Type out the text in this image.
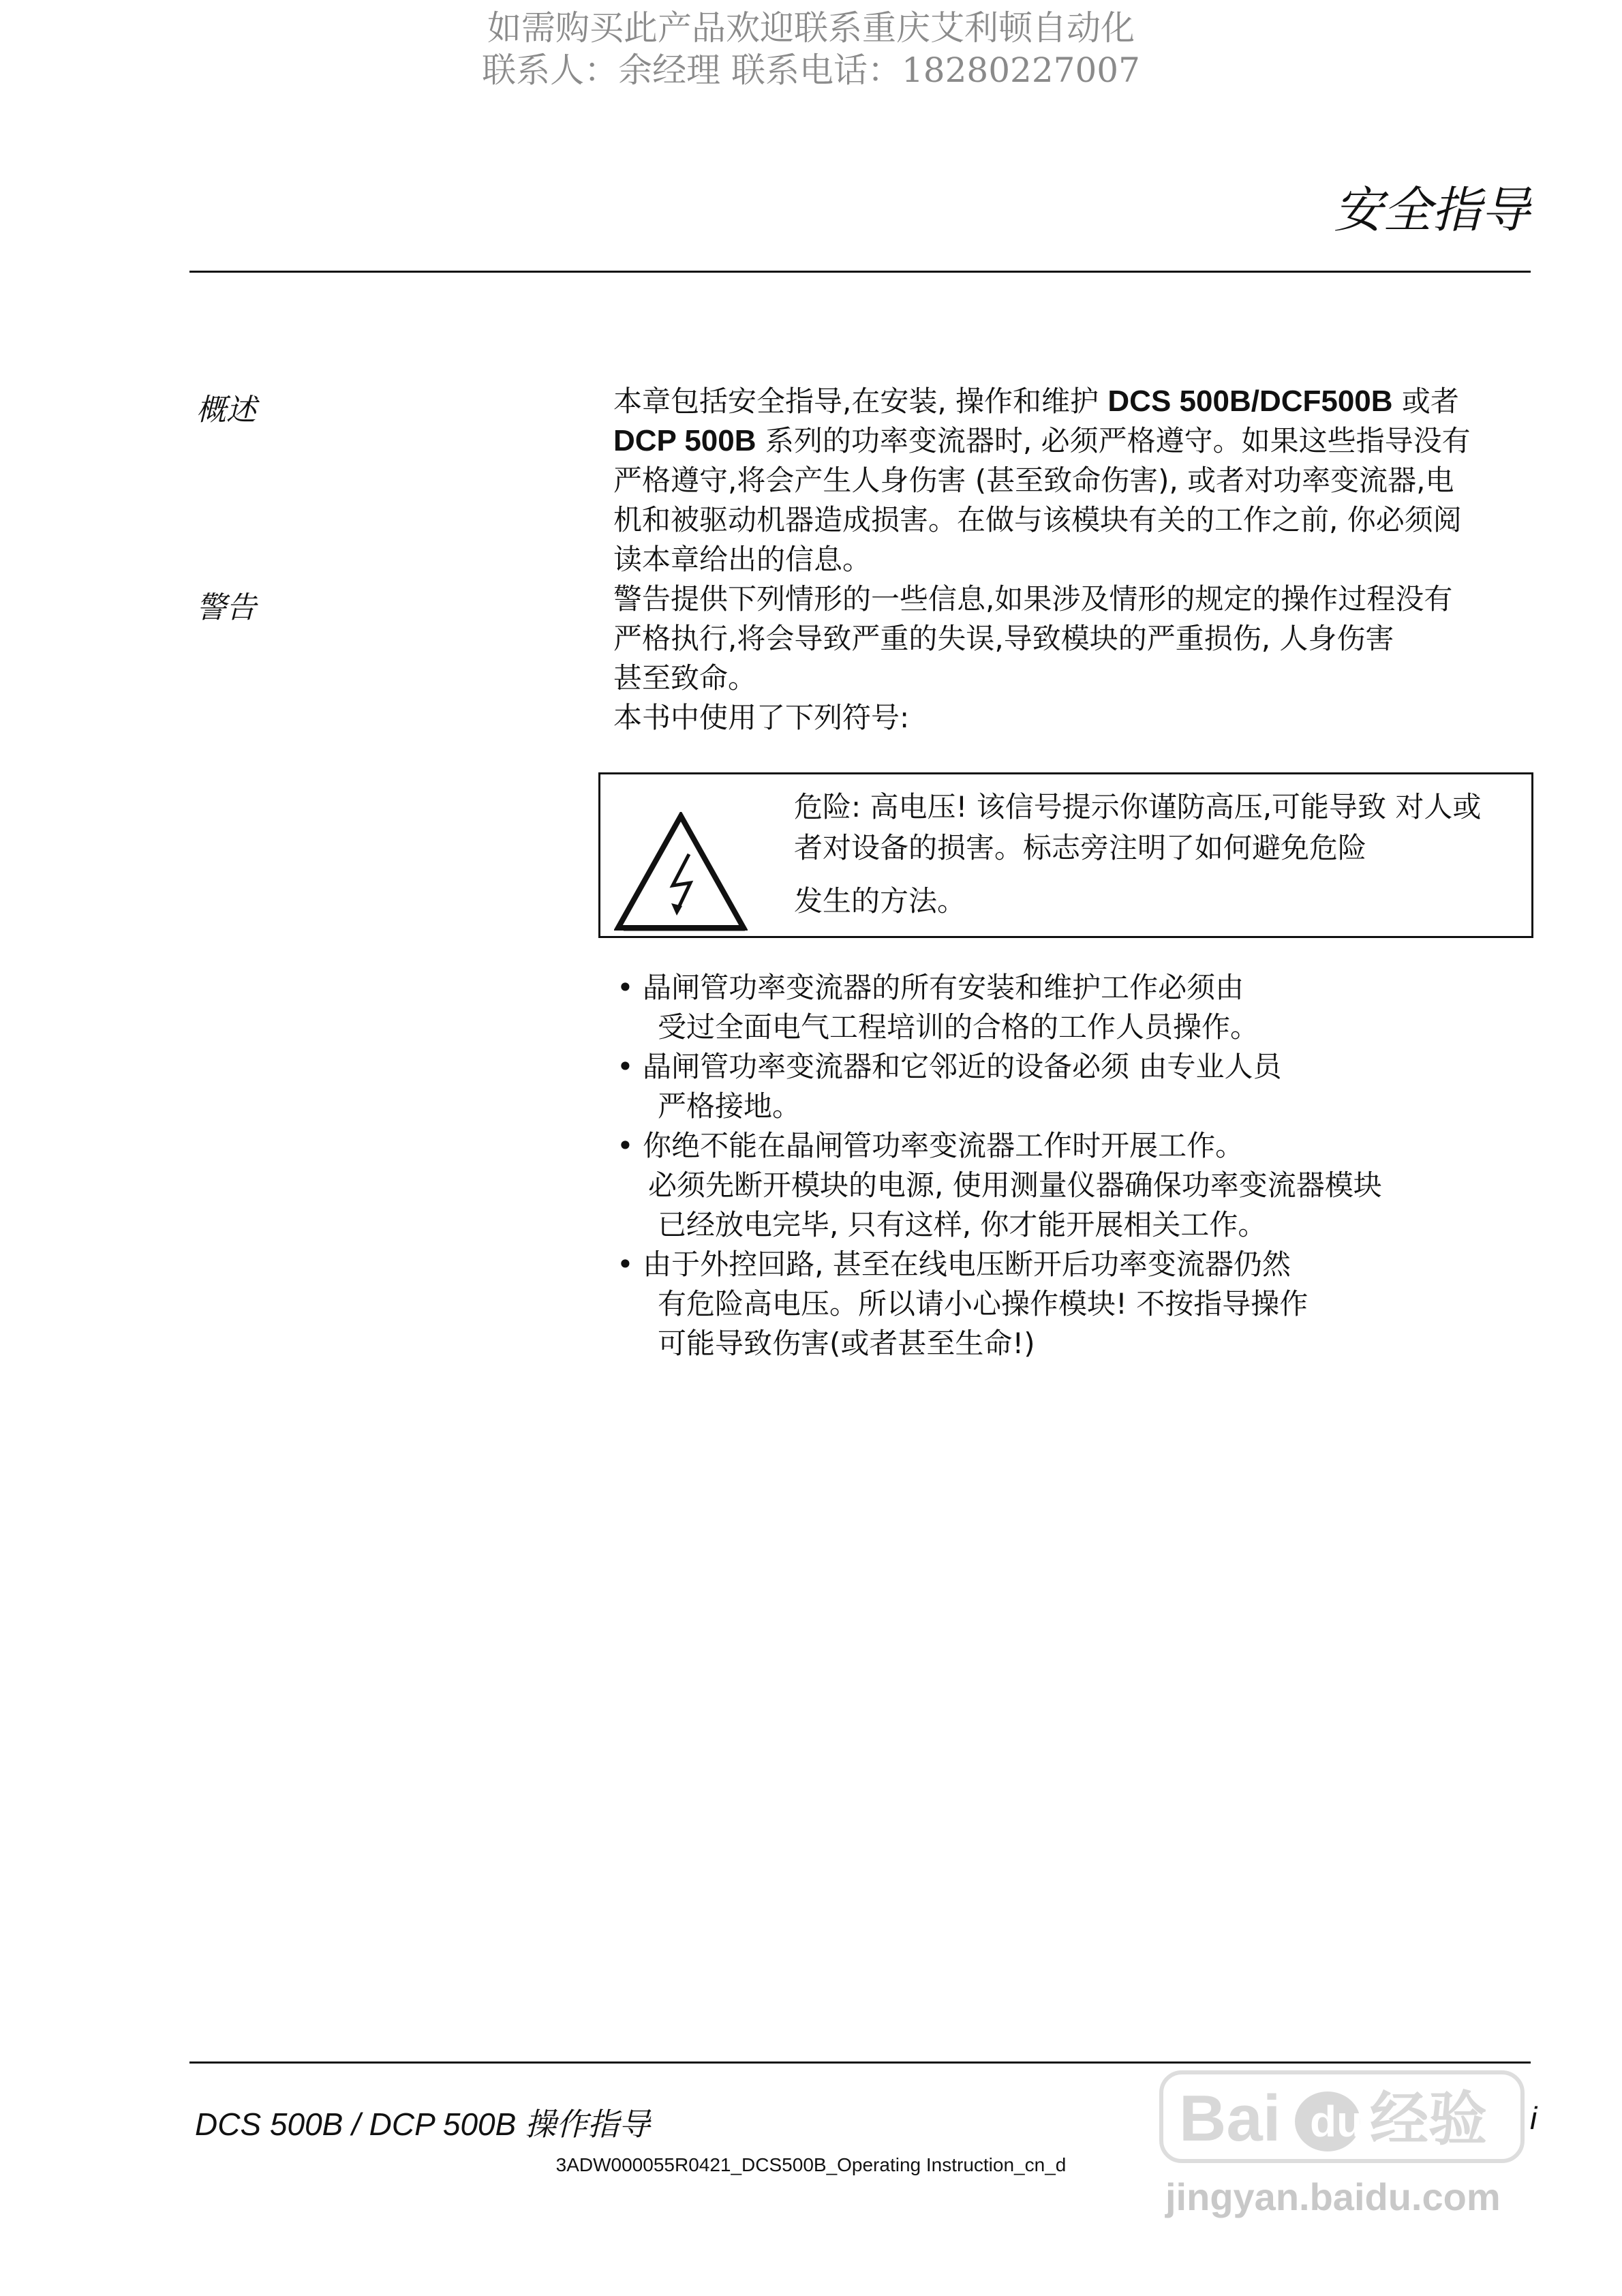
如需购买此产品欢迎联系重庆艾利顿自动化
联系人：余经理 联系电话：18280227007
安全指导
概述	本章包括安全指导,在安装, 操作和维护 DCS 500B/DCF500B 或者
DCP 500B 系列的功率变流器时, 必须严格遵守。如果这些指导没有
严格遵守,将会产生人身伤害 (甚至致命伤害), 或者对功率变流器,电
机和被驱动机器造成损害。在做与该模块有关的工作之前, 你必须阅
读本章给出的信息。
警告	警告提供下列情形的一些信息,如果涉及情形的规定的操作过程没有
严格执行,将会导致严重的失误,导致模块的严重损伤, 人身伤害
甚至致命。
本书中使用了下列符号:
危险: 高电压! 该信号提示你谨防高压,可能导致 对人或
者对设备的损害。标志旁注明了如何避免危险
发生的方法。
• 晶闸管功率变流器的所有安装和维护工作必须由
受过全面电气工程培训的合格的工作人员操作。
• 晶闸管功率变流器和它邻近的设备必须 由专业人员
严格接地。
• 你绝不能在晶闸管功率变流器工作时开展工作。
必须先断开模块的电源, 使用测量仪器确保功率变流器模块
已经放电完毕, 只有这样, 你才能开展相关工作。
• 由于外控回路, 甚至在线电压断开后功率变流器仍然
有危险高电压。所以请小心操作模块! 不按指导操作
可能导致伤害(或者甚至生命!)
DCS 500B / DCP 500B 操作指导	i
3ADW000055R0421_DCS500B_Operating Instruction_cn_d
Bai du 经验
jingyan.baidu.com
